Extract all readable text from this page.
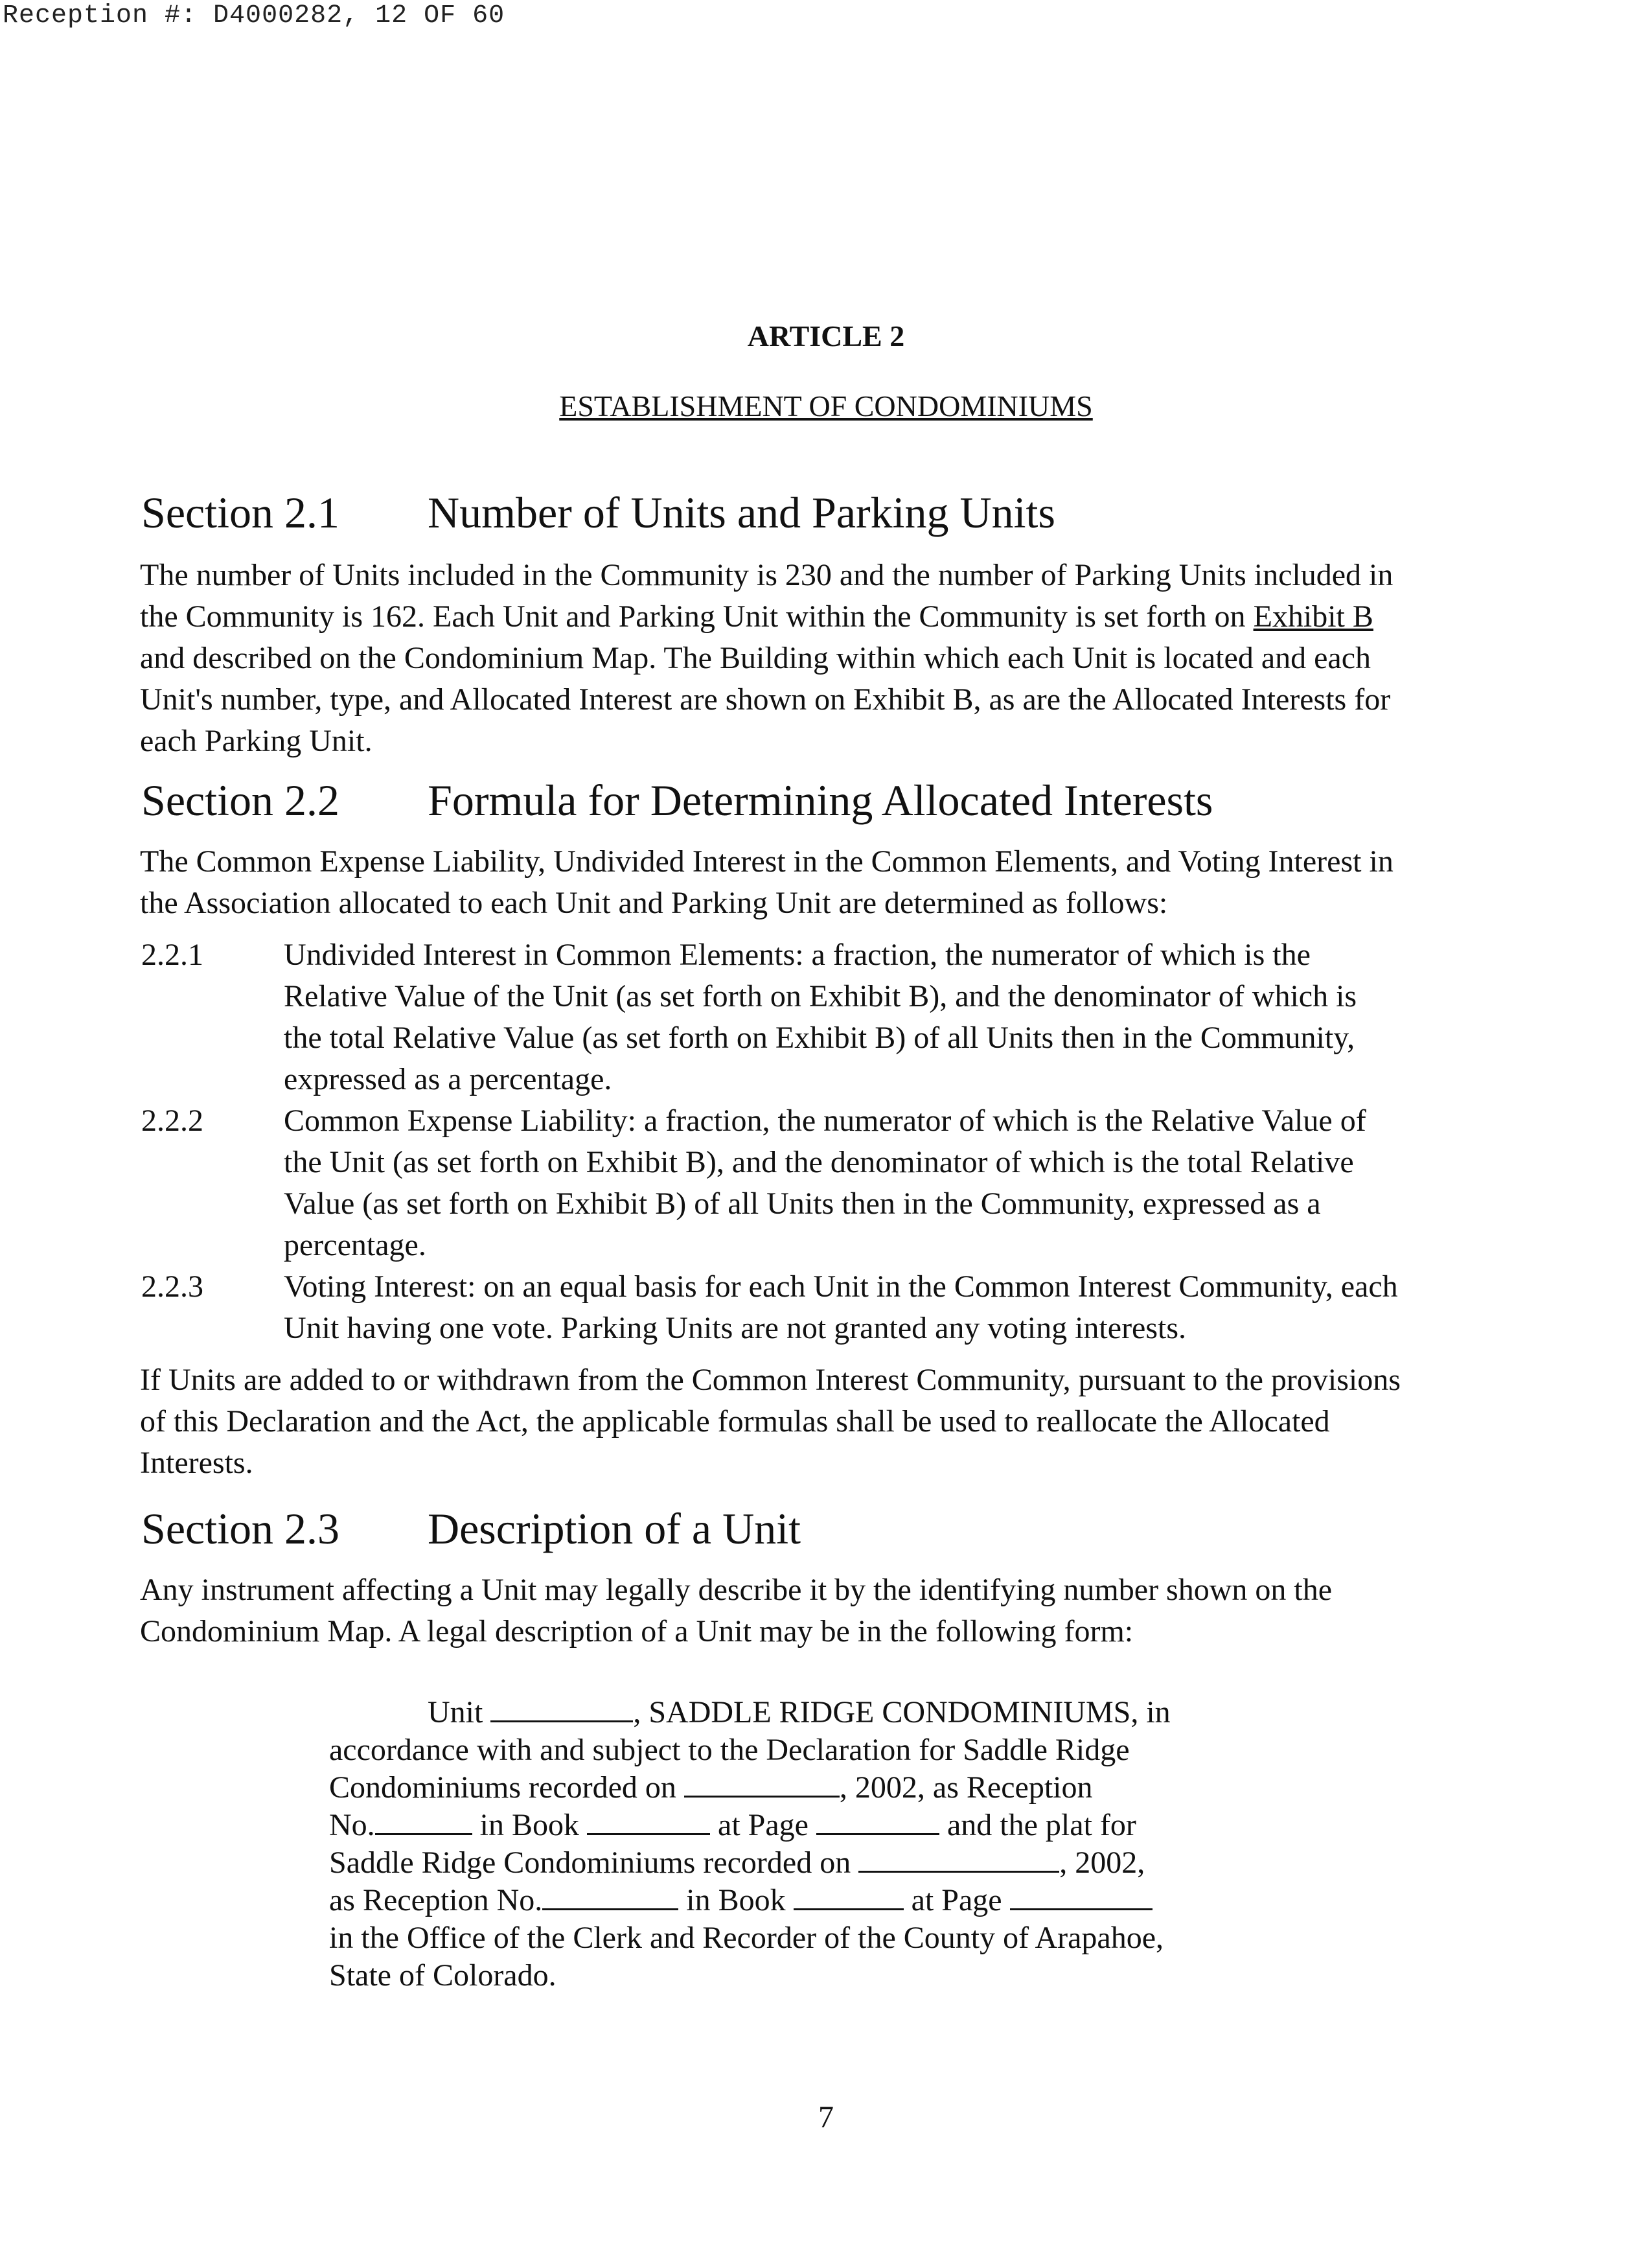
Reception #: D4000282, 12 OF 60
ARTICLE 2
ESTABLISHMENT OF CONDOMINIUMS
Section 2.1 Number of Units and Parking Units
The number of Units included in the Community is 230 and the number of Parking Units included in the Community is 162. Each Unit and Parking Unit within the Community is set forth on Exhibit B and described on the Condominium Map. The Building within which each Unit is located and each Unit's number, type, and Allocated Interest are shown on Exhibit B, as are the Allocated Interests for each Parking Unit.
Section 2.2 Formula for Determining Allocated Interests
The Common Expense Liability, Undivided Interest in the Common Elements, and Voting Interest in the Association allocated to each Unit and Parking Unit are determined as follows:
2.2.1	Undivided Interest in Common Elements: a fraction, the numerator of which is the Relative Value of the Unit (as set forth on Exhibit B), and the denominator of which is the total Relative Value (as set forth on Exhibit B) of all Units then in the Community, expressed as a percentage.
2.2.2	Common Expense Liability: a fraction, the numerator of which is the Relative Value of the Unit (as set forth on Exhibit B), and the denominator of which is the total Relative Value (as set forth on Exhibit B) of all Units then in the Community, expressed as a percentage.
2.2.3	Voting Interest: on an equal basis for each Unit in the Common Interest Community, each Unit having one vote. Parking Units are not granted any voting interests.
If Units are added to or withdrawn from the Common Interest Community, pursuant to the provisions of this Declaration and the Act, the applicable formulas shall be used to reallocate the Allocated Interests.
Section 2.3 Description of a Unit
Any instrument affecting a Unit may legally describe it by the identifying number shown on the Condominium Map. A legal description of a Unit may be in the following form:
Unit	, SADDLE RIDGE CONDOMINIUMS, in
accordance with and subject to the Declaration for Saddle Ridge
Condominiums recorded on	, 2002, as Reception
No.	in Book	at Page	and the plat for
Saddle Ridge Condominiums recorded on	, 2002,
as Reception No.	in Book	at Page
in the Office of the Clerk and Recorder of the County of Arapahoe,
State of Colorado.
7
